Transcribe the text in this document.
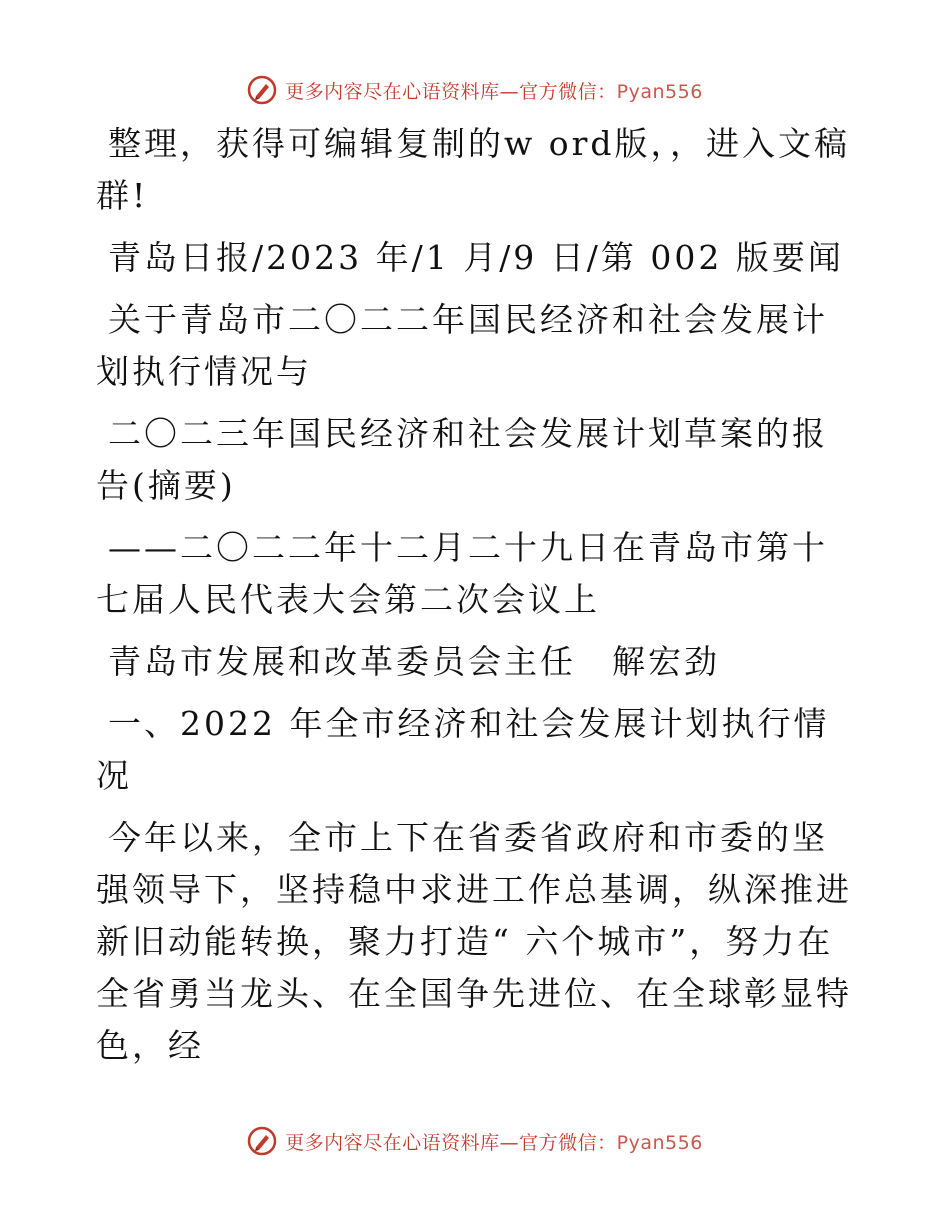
更多内容尽在心语资料库—官方微信：Pyan556

整理，获得可编辑复制的w ord版，，进入文稿群!

青岛日报/2023 年/1 月/9 日/第 002 版要闻

关于青岛市二〇二二年国民经济和社会发展计划执行情况与

二〇二三年国民经济和社会发展计划草案的报告(摘要)

——二〇二二年十二月二十九日在青岛市第十七届人民代表大会第二次会议上

青岛市发展和改革委员会主任　解宏劲

一、2022 年全市经济和社会发展计划执行情况

今年以来，全市上下在省委省政府和市委的坚强领导下，坚持稳中求进工作总基调，纵深推进新旧动能转换，聚力打造“ 六个城市”，努力在全省勇当龙头、在全国争先进位、在全球彰显特色，经

更多内容尽在心语资料库—官方微信：Pyan556
